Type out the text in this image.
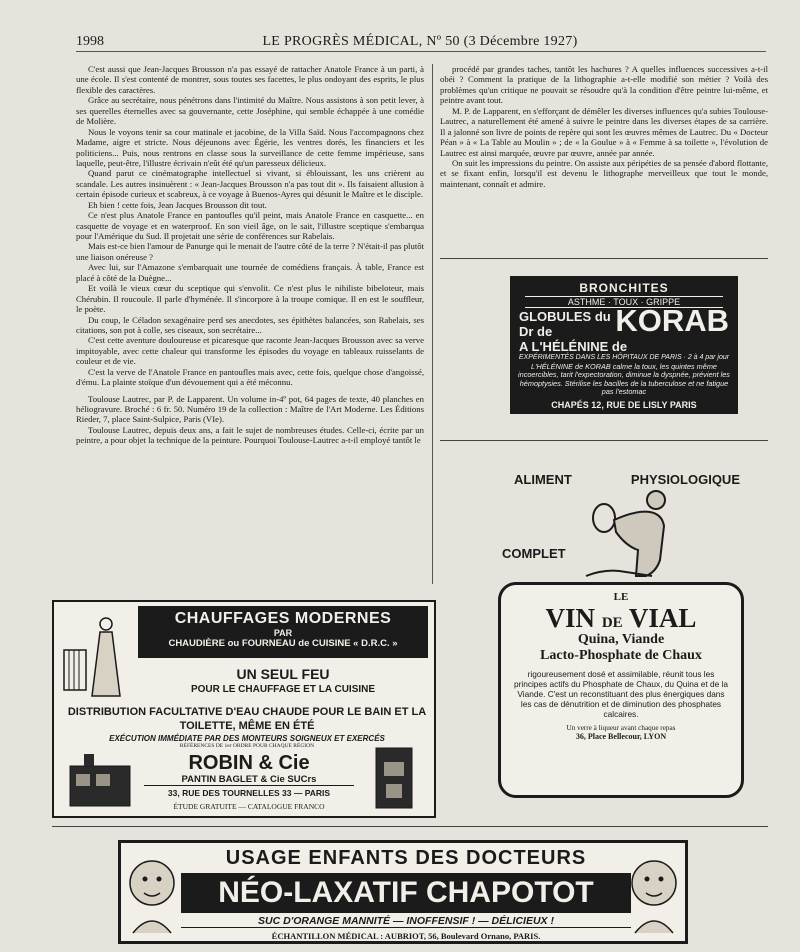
1998	LE PROGRÈS MÉDICAL, Nº 50 (3 Décembre 1927)

C'est aussi que Jean-Jacques Brousson n'a pas essayé de rattacher Anatole France à un parti, à une école. Il s'est contenté de montrer, sous toutes ses facettes, le plus ondoyant des esprits, le plus flexible des caractères.

Grâce au secrétaire, nous pénétrons dans l'intimité du Maître. Nous assistons à son petit lever, à ses querelles éternelles avec sa gouvernante, cette Joséphine, qui semble échappée à une comédie de Molière.

Nous le voyons tenir sa cour matinale et jacobine, de la Villa Saïd. Nous l'accompagnons chez Madame, aigre et stricte. Nous déjeunons avec Égérie, les ventres dorés, les financiers et les politiciens... Puis, nous rentrons en classe sous la surveillance de cette femme impérieuse, sans laquelle, peut-être, l'illustre écrivain n'eût été qu'un paresseux délicieux.

Quand parut ce cinématographe intellectuel si vivant, si éblouissant, les uns crièrent au scandale. Les autres insinuèrent : « Jean-Jacques Brousson n'a pas tout dit ». Ils faisaient allusion à certain épisode curieux et scabreux, à ce voyage à Buenos-Ayres qui désunit le Maître et le disciple.

Eh bien ! cette fois, Jean Jacques Brousson dit tout.

Ce n'est plus Anatole France en pantoufles qu'il peint, mais Anatole France en casquette... en casquette de voyage et en waterproof. En son vieil âge, on le sait, l'illustre sceptique s'embarqua pour l'Amérique du Sud. Il projetait une série de conférences sur Rabelais.

Mais est-ce bien l'amour de Panurge qui le menait de l'autre côté de la terre ? N'était-il pas plutôt une liaison onéreuse ?

Avec lui, sur l'Amazone s'embarquait une tournée de comédiens français. À table, France est placé à côté de la Duègne...

Et voilà le vieux cœur du sceptique qui s'envolit. Ce n'est plus le nihiliste bibeloteur, mais Chérubin. Il roucoule. Il parle d'hyménée. Il s'incorpore à la troupe comique. Il en est le souffleur, le poète.

Du coup, le Céladon sexagénaire perd ses anecdotes, ses épithètes balancées, son Rabelais, ses citations, son pot à colle, ses ciseaux, son secrétaire...

C'est cette aventure douloureuse et picaresque que raconte Jean-Jacques Brousson avec sa verve impitoyable, avec cette chaleur qui transforme les épisodes du voyage en tableaux ruisselants de couleur et de vie.

C'est la verve de l'Anatole France en pantoufles mais avec, cette fois, quelque chose d'angoissé, d'ému. La plainte stoïque d'un dévouement qui a été méconnu.

Toulouse Lautrec, par P. de Lapparent. Un volume in-4º pot, 64 pages de texte, 40 planches en héliogravure. Broché : 6 fr. 50. Numéro 19 de la collection : Maître de l'Art Moderne. Les Éditions Rieder, 7, place Saint-Sulpice, Paris (VIe).

Toulouse Lautrec, depuis deux ans, a fait le sujet de nombreuses études. Celle-ci, écrite par un peintre, a pour objet la technique de la peinture. Pourquoi Toulouse-Lautrec a-t-il employé tantôt le

procédé par grandes taches, tantôt les hachures ? A quelles influences successives a-t-il obéi ? Comment la pratique de la lithographie a-t-elle modifié son métier ? Voilà des problèmes qu'un critique ne pouvait se résoudre qu'à la condition d'être peintre lui-même, et peintre avant tout.

M. P. de Lapparent, en s'efforçant de démêler les diverses influences qu'a subies Toulouse-Lautrec, a naturellement été amené à suivre le peintre dans les diverses étapes de sa carrière. Il a jalonné son livre de points de repère qui sont les œuvres mêmes de Lautrec. Du « Docteur Péan » à « La Table au Moulin » ; de « la Goulue » à « Femme à sa toilette », l'évolution de Lautrec est ainsi marquée, œuvre par œuvre, année par année.

On suit les impressions du peintre. On assiste aux péripéties de sa pensée d'abord flottante, et se fixant enfin, lorsqu'il est devenu le lithographe merveilleux que tout le monde, maintenant, connaît et admire.

BRONCHITES
ASTHME · TOUX · GRIPPE
KORAB
GLOBULES du Dr de
A L'HÉLÉNINE de
EXPÉRIMENTÉS DANS LES HÔPITAUX DE PARIS · 2 à 4 par jour
L'HÉLÉNINE de KORAB calme la toux, les quintes même incoercibles, tarit l'expectoration, diminue la dyspnée, prévient les hémoptysies. Stérilise les bacilles de la tuberculose et ne fatigue pas l'estomac
CHAPÉS 12, RUE DE LISLY PARIS
ALIMENT	PHYSIOLOGIQUE
COMPLET
LE
VIN DE VIAL
Quina, Viande
Lacto-Phosphate de Chaux
rigoureusement dosé et assimilable, réunit tous les principes actifs du Phosphate de Chaux, du Quina et de la Viande. C'est un reconstituant des plus énergiques dans les cas de dénutrition et de diminution des phosphates calcaires.
Un verre à liqueur avant chaque repas
36, Place Bellecour, LYON
CHAUFFAGES MODERNES
PAR
CHAUDIÈRE ou FOURNEAU de CUISINE « D.R.C. »
UN SEUL FEU
POUR LE CHAUFFAGE ET LA CUISINE
DISTRIBUTION FACULTATIVE D'EAU CHAUDE POUR LE BAIN ET LA TOILETTE, MÊME EN ÉTÉ
EXÉCUTION IMMÉDIATE PAR DES MONTEURS SOIGNEUX ET EXERCÉS
RÉFÉRENCES DE 1er ORDRE POUR CHAQUE RÉGION
ROBIN & Cie
PANTIN BAGLET & Cie SUCrs
33, RUE DES TOURNELLES 33 — PARIS
ÉTUDE GRATUITE — CATALOGUE FRANCO
USAGE ENFANTS DES DOCTEURS
NÉO-LAXATIF CHAPOTOT
SUC D'ORANGE MANNITÉ — INOFFENSIF ! — DÉLICIEUX !
ÉCHANTILLON MÉDICAL : AUBRIOT, 56, Boulevard Ornano, PARIS.
